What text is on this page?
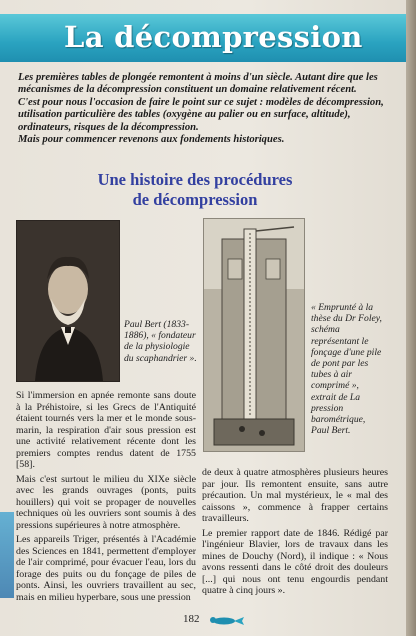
La décompression

Les premières tables de plongée remontent à moins d'un siècle. Autant dire que les mécanismes de la décompression constituent un domaine relativement récent.

C'est pour nous l'occasion de faire le point sur ce sujet : modèles de décompression, utilisation particulière des tables (oxygène au palier ou en surface, altitude), ordinateurs, risques de la décompression.

Mais pour commencer revenons aux fondements historiques.

Une histoire des procédures
de décompression
Paul Bert (1833-1886), « fondateur de la physiologie du scaphandrier ».
« Emprunté à la thèse du Dr Foley, schéma représentant le fonçage d'une pile de pont par les tubes à air comprimé », extrait de La pression barométrique, Paul Bert.

Si l'immersion en apnée remonte sans doute à la Préhistoire, si les Grecs de l'Antiquité étaient tournés vers la mer et le monde sous-marin, la respiration d'air sous pression est une activité relativement récente dont les premiers comptes rendus datent de 1755 [58].

Mais c'est surtout le milieu du XIXe siècle avec les grands ouvrages (ponts, puits houillers) qui voit se propager de nouvelles techniques où les ouvriers sont soumis à des pressions supérieures à notre atmosphère.

Les appareils Triger, présentés à l'Académie des Sciences en 1841, permettent d'employer de l'air comprimé, pour évacuer l'eau, lors du forage des puits ou du fonçage de piles de ponts. Ainsi, les ouvriers travaillent au sec, mais en milieu hyperbare, sous une pression

de deux à quatre atmosphères plusieurs heures par jour. Ils remontent ensuite, sans autre précaution. Un mal mystérieux, le « mal des caissons », commence à frapper certains travailleurs.

Le premier rapport date de 1846. Rédigé par l'ingénieur Blavier, lors de travaux dans les mines de Douchy (Nord), il indique : « Nous avons ressenti dans le côté droit des douleurs [...] qui nous ont tenu engourdis pendant quatre à cinq jours ».

182
